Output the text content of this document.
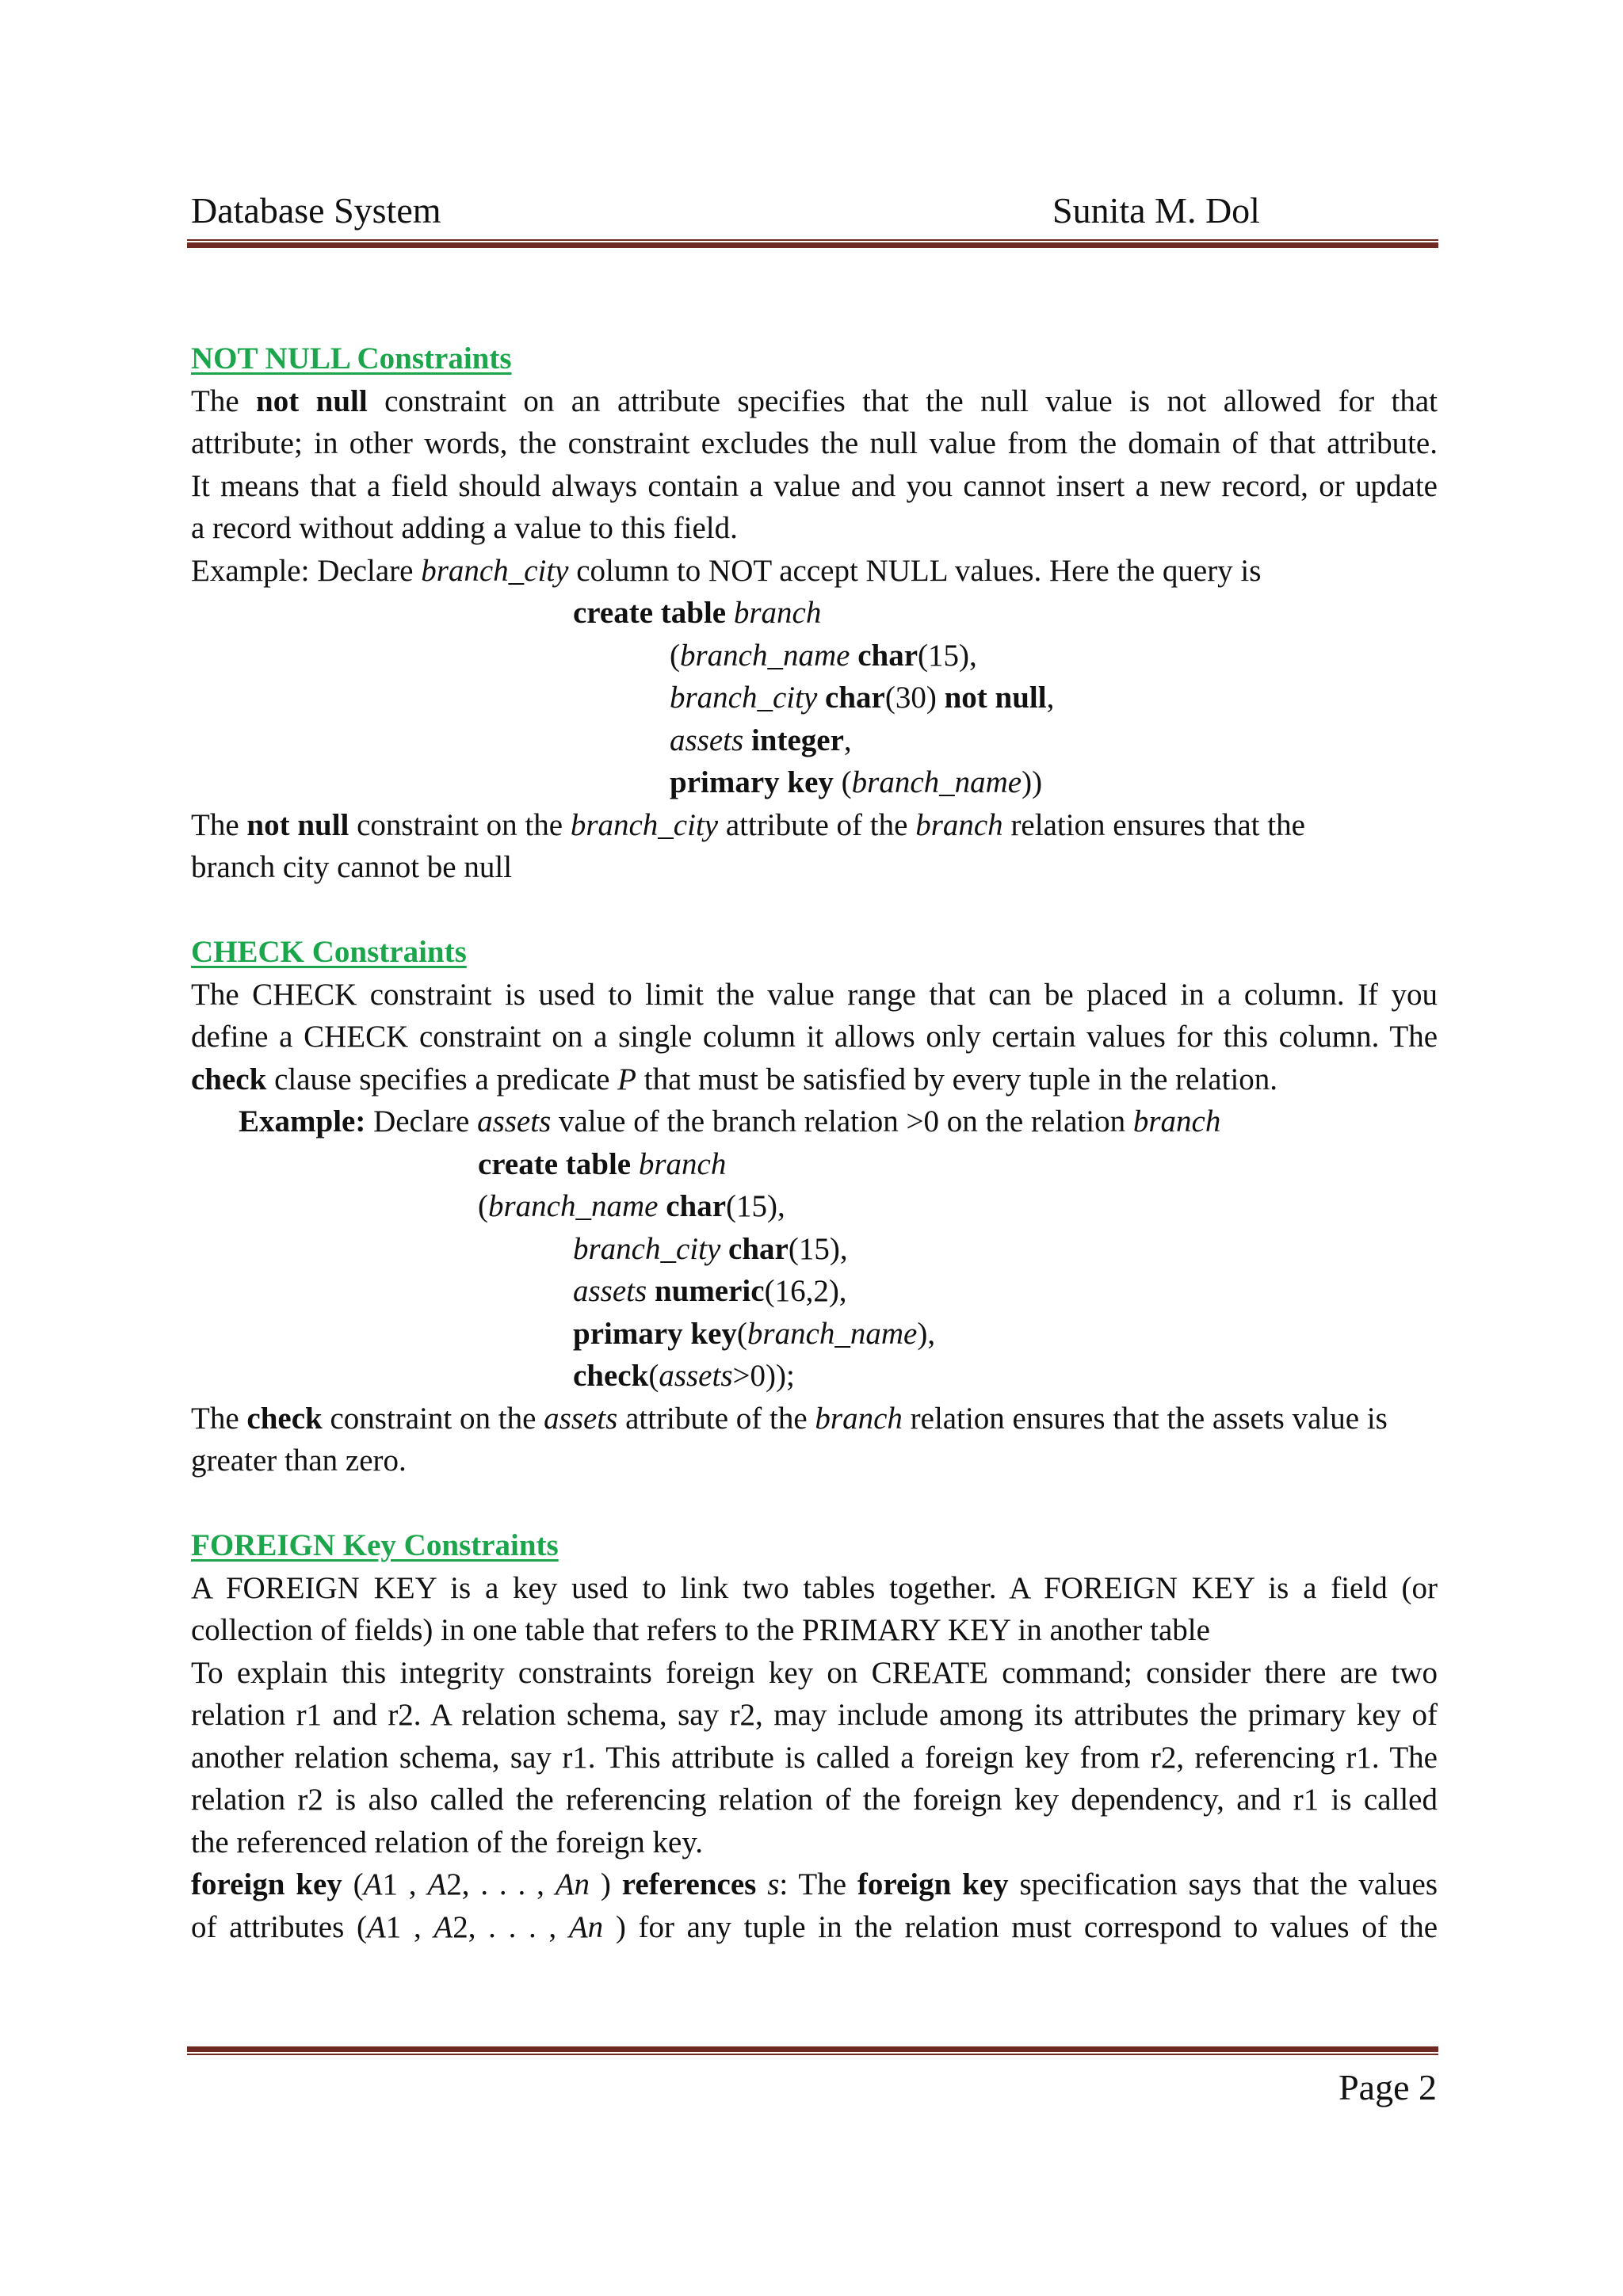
Database System	Sunita M. Dol
NOT NULL Constraints
The not null constraint on an attribute specifies that the null value is not allowed for that
attribute; in other words, the constraint excludes the null value from the domain of that attribute.
It means that a field should always contain a value and you cannot insert a new record, or update
a record without adding a value to this field.
Example: Declare branch_city column to NOT accept NULL values. Here the query is
create table branch
(branch_name char(15),
branch_city char(30) not null,
assets integer,
primary key (branch_name))
The not null constraint on the branch_city attribute of the branch relation ensures that the
branch city cannot be null
CHECK Constraints
The CHECK constraint is used to limit the value range that can be placed in a column. If you
define a CHECK constraint on a single column it allows only certain values for this column. The
check clause specifies a predicate P that must be satisfied by every tuple in the relation.
Example: Declare assets value of the branch relation >0 on the relation branch
create table branch
(branch_name char(15),
branch_city char(15),
assets numeric(16,2),
primary key(branch_name),
check(assets>0));
The check constraint on the assets attribute of the branch relation ensures that the assets value is
greater than zero.
FOREIGN Key Constraints
A FOREIGN KEY is a key used to link two tables together. A FOREIGN KEY is a field (or
collection of fields) in one table that refers to the PRIMARY KEY in another table
To explain this integrity constraints foreign key on CREATE command; consider there are two
relation r1 and r2. A relation schema, say r2, may include among its attributes the primary key of
another relation schema, say r1. This attribute is called a foreign key from r2, referencing r1. The
relation r2 is also called the referencing relation of the foreign key dependency, and r1 is called
the referenced relation of the foreign key.
foreign key (A1 , A2, . . . , An ) references s: The foreign key specification says that the values
of attributes (A1 , A2, . . . , An ) for any tuple in the relation must correspond to values of the
Page 2
